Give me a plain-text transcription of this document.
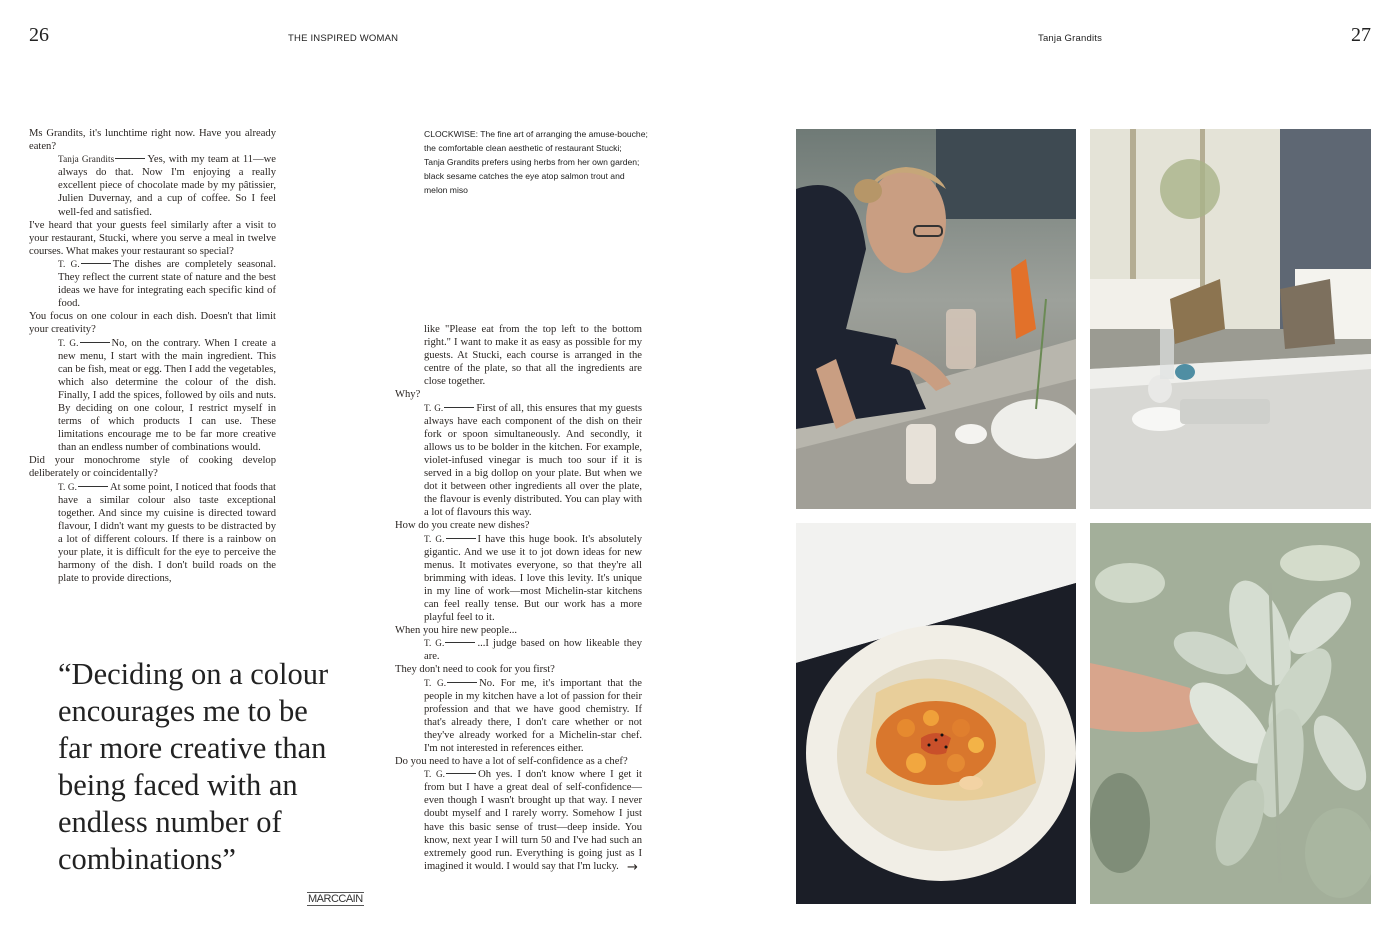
26	THE INSPIRED WOMAN	Tanja Grandits	27

Ms Grandits, it's lunchtime right now. Have you already eaten?

Tanja Grandits	Yes, with my team at 11—we always do that. Now I'm enjoying a really excellent piece of chocolate made by my pâtissier, Julien Duvernay, and a cup of coffee. So I feel well-fed and satisfied.

I've heard that your guests feel similarly after a visit to your restaurant, Stucki, where you serve a meal in twelve courses. What makes your restaurant so special?

T. G.	The dishes are completely seasonal. They reflect the current state of nature and the best ideas we have for integrating each specific kind of food.

You focus on one colour in each dish. Doesn't that limit your creativity?

T. G.	No, on the contrary. When I create a new menu, I start with the main ingredient. This can be fish, meat or egg. Then I add the vegetables, which also determine the colour of the dish. Finally, I add the spices, followed by oils and nuts. By deciding on one colour, I restrict myself in terms of which products I can use. These limitations encourage me to be far more creative than an endless number of combinations would.

Did your monochrome style of cooking develop deliberately or coincidentally?

T. G.	At some point, I noticed that foods that have a similar colour also taste exceptional together. And since my cuisine is directed toward flavour, I didn't want my guests to be distracted by a lot of different colours. If there is a rainbow on your plate, it is difficult for the eye to perceive the harmony of the dish. I don't build roads on the plate to provide directions,

CLOCKWISE: The fine art of arranging the amuse-bouche;

the comfortable clean aesthetic of restaurant Stucki;

Tanja Grandits prefers using herbs from her own garden;

black sesame catches the eye atop salmon trout and

melon miso

like "Please eat from the top left to the bottom right." I want to make it as easy as possible for my guests. At Stucki, each course is arranged in the centre of the plate, so that all the ingredients are close together.

Why?

T. G.	First of all, this ensures that my guests always have each component of the dish on their fork or spoon simultaneously. And secondly, it allows us to be bolder in the kitchen. For example, violet-infused vinegar is much too sour if it is served in a big dollop on your plate. But when we dot it between other ingredients all over the plate, the flavour is evenly distributed. You can play with a lot of flavours this way.

How do you create new dishes?

T. G.	I have this huge book. It's absolutely gigantic. And we use it to jot down ideas for new menus. It motivates everyone, so that they're all brimming with ideas. I love this levity. It's unique in my line of work—most Michelin-star kitchens can feel really tense. But our work has a more playful feel to it.

When you hire new people...

T. G.	...I judge based on how likeable they are.

They don't need to cook for you first?

T. G.	No. For me, it's important that the people in my kitchen have a lot of passion for their profession and that we have good chemistry. If that's already there, I don't care whether or not they've already worked for a Michelin-star chef. I'm not interested in references either.

Do you need to have a lot of self-confidence as a chef?

T. G.	Oh yes. I don't know where I get it from but I have a great deal of self-confidence—even though I wasn't brought up that way. I never doubt myself and I rarely worry. Somehow I just have this basic sense of trust—deep inside. You know, next year I will turn 50 and I've had such an extremely good run. Everything is going just as I imagined it would. I would say that I'm lucky. →

“Deciding on a colour

encourages me to be

far more creative than

being faced with an

endless number of

combinations”

MARCCAIN
